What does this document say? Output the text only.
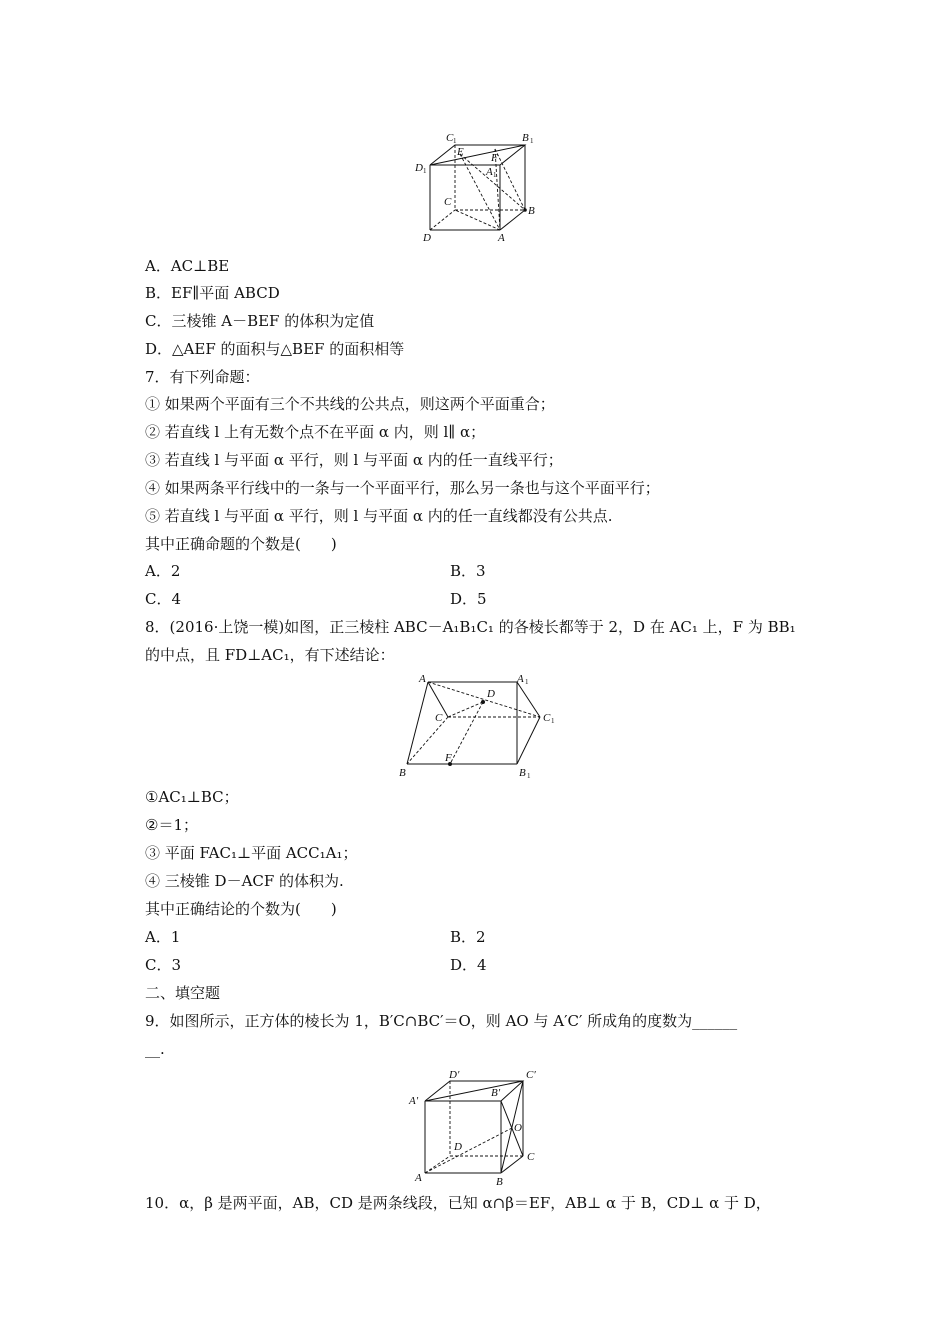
C 1	B 1
D 1
E F
A 1
C
B
D	A
A．AC⊥BE
B．EF∥平面 ABCD
C．三棱锥 A－BEF 的体积为定值
D．△AEF 的面积与△BEF 的面积相等
7．有下列命题：
① 如果两个平面有三个不共线的公共点，则这两个平面重合；
② 若直线 l 上有无数个点不在平面 α 内，则 l∥ α；
③ 若直线 l 与平面 α 平行，则 l 与平面 α 内的任一直线平行；
④ 如果两条平行线中的一条与一个平面平行，那么另一条也与这个平面平行；
⑤ 若直线 l 与平面 α 平行，则 l 与平面 α 内的任一直线都没有公共点.
其中正确命题的个数是(　　)
A．2	B．3
C．4	D．5
8．(2016·上饶一模)如图，正三棱柱 ABC－A₁B₁C₁ 的各棱长都等于 2，D 在 AC₁ 上，F 为 BB₁
的中点，且 FD⊥AC₁，有下述结论：
A	A 1
D
C	C 1
F
B	B 1
①AC₁⊥BC；
②＝1；
③ 平面 FAC₁⊥平面 ACC₁A₁；
④ 三棱锥 D－ACF 的体积为.
其中正确结论的个数为(　　)
A．1	B．2
C．3	D．4
二、填空题
9．如图所示，正方体的棱长为 1，B′C∩BC′＝O，则 AO 与 A′C′ 所成角的度数为______
__.
D′	C′
A′
B′
O
D
A	B
C
10．α，β 是两平面，AB，CD 是两条线段，已知 α∩β＝EF，AB⊥ α 于 B，CD⊥ α 于 D，
